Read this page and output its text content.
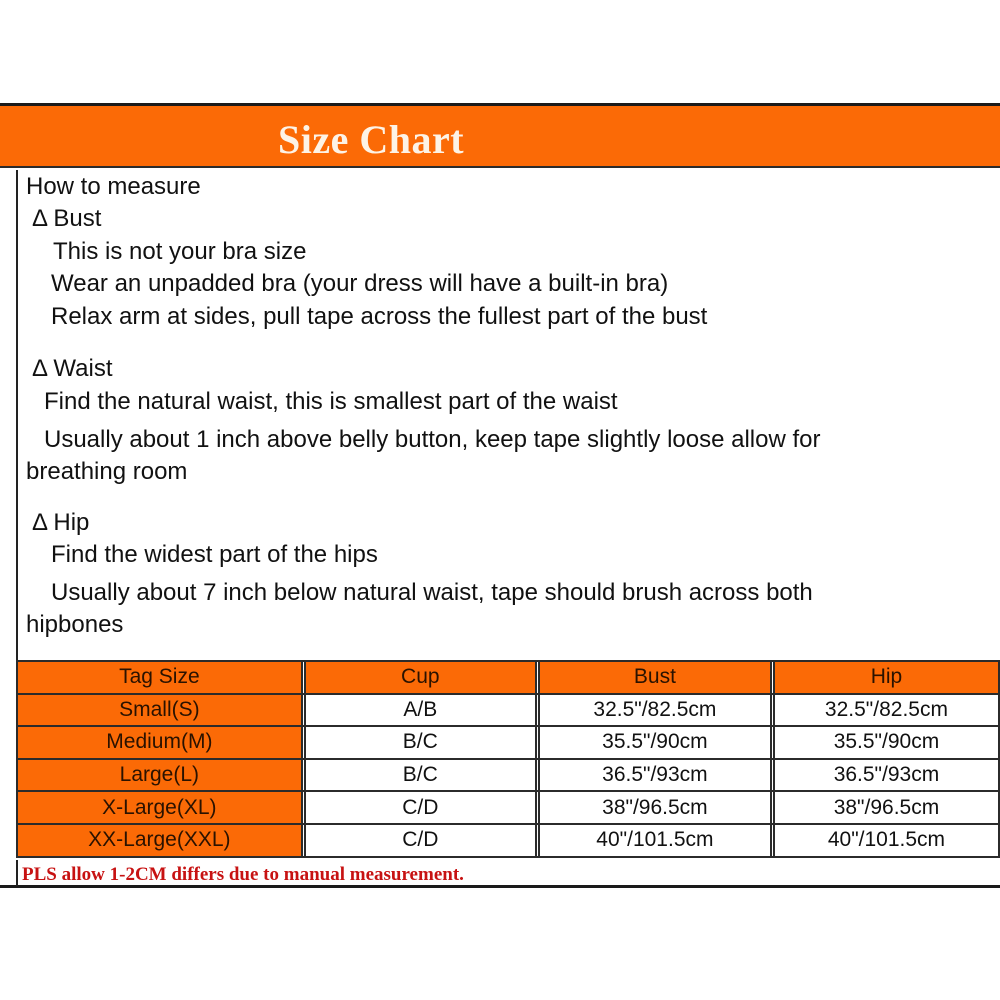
Size Chart
How to measure
Δ Bust
This is not your bra size
Wear an unpadded bra (your dress will have a built-in bra)
Relax arm at sides, pull tape across the fullest part of the bust
Δ Waist
Find the natural waist, this is smallest part of the waist
Usually about 1 inch above belly button, keep tape slightly loose allow for
breathing room
Δ Hip
Find the widest part of the hips
Usually about 7 inch below natural waist, tape should brush across both
hipbones
Tag Size		Cup		Bust		Hip
Small(S)		A/B		32.5"/82.5cm		32.5"/82.5cm
Medium(M)		B/C		35.5"/90cm		35.5"/90cm
Large(L)		B/C		36.5"/93cm		36.5"/93cm
X-Large(XL)		C/D		38"/96.5cm		38"/96.5cm
XX-Large(XXL)		C/D		40"/101.5cm		40"/101.5cm
PLS allow 1-2CM differs due to manual measurement.
